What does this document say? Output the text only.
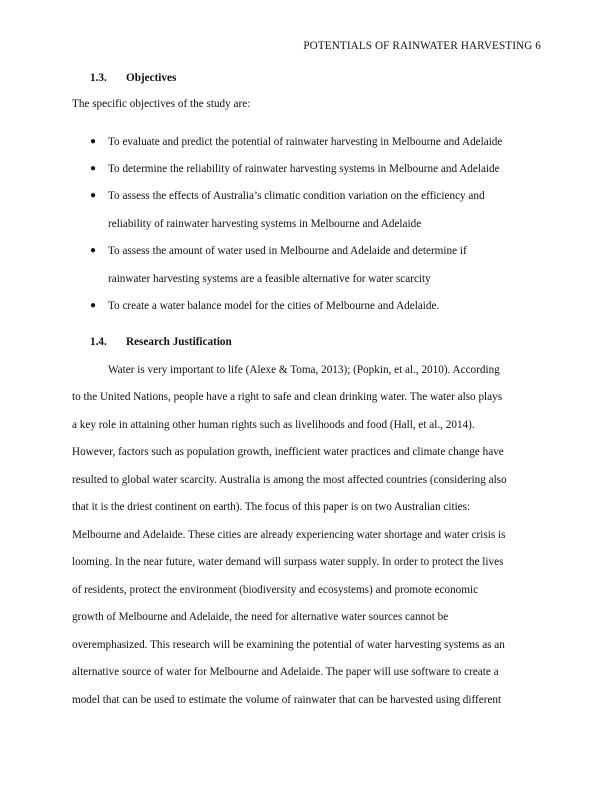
POTENTIALS OF RAINWATER HARVESTING 6
1.3. Objectives
The specific objectives of the study are:
● To evaluate and predict the potential of rainwater harvesting in Melbourne and Adelaide
● To determine the reliability of rainwater harvesting systems in Melbourne and Adelaide
● To assess the effects of Australia’s climatic condition variation on the efficiency and
reliability of rainwater harvesting systems in Melbourne and Adelaide
● To assess the amount of water used in Melbourne and Adelaide and determine if
rainwater harvesting systems are a feasible alternative for water scarcity
● To create a water balance model for the cities of Melbourne and Adelaide.
1.4. Research Justification
Water is very important to life (Alexe & Toma, 2013); (Popkin, et al., 2010). According
to the United Nations, people have a right to safe and clean drinking water. The water also plays
a key role in attaining other human rights such as livelihoods and food (Hall, et al., 2014).
However, factors such as population growth, inefficient water practices and climate change have
resulted to global water scarcity. Australia is among the most affected countries (considering also
that it is the driest continent on earth). The focus of this paper is on two Australian cities:
Melbourne and Adelaide. These cities are already experiencing water shortage and water crisis is
looming. In the near future, water demand will surpass water supply. In order to protect the lives
of residents, protect the environment (biodiversity and ecosystems) and promote economic
growth of Melbourne and Adelaide, the need for alternative water sources cannot be
overemphasized. This research will be examining the potential of water harvesting systems as an
alternative source of water for Melbourne and Adelaide. The paper will use software to create a
model that can be used to estimate the volume of rainwater that can be harvested using different
